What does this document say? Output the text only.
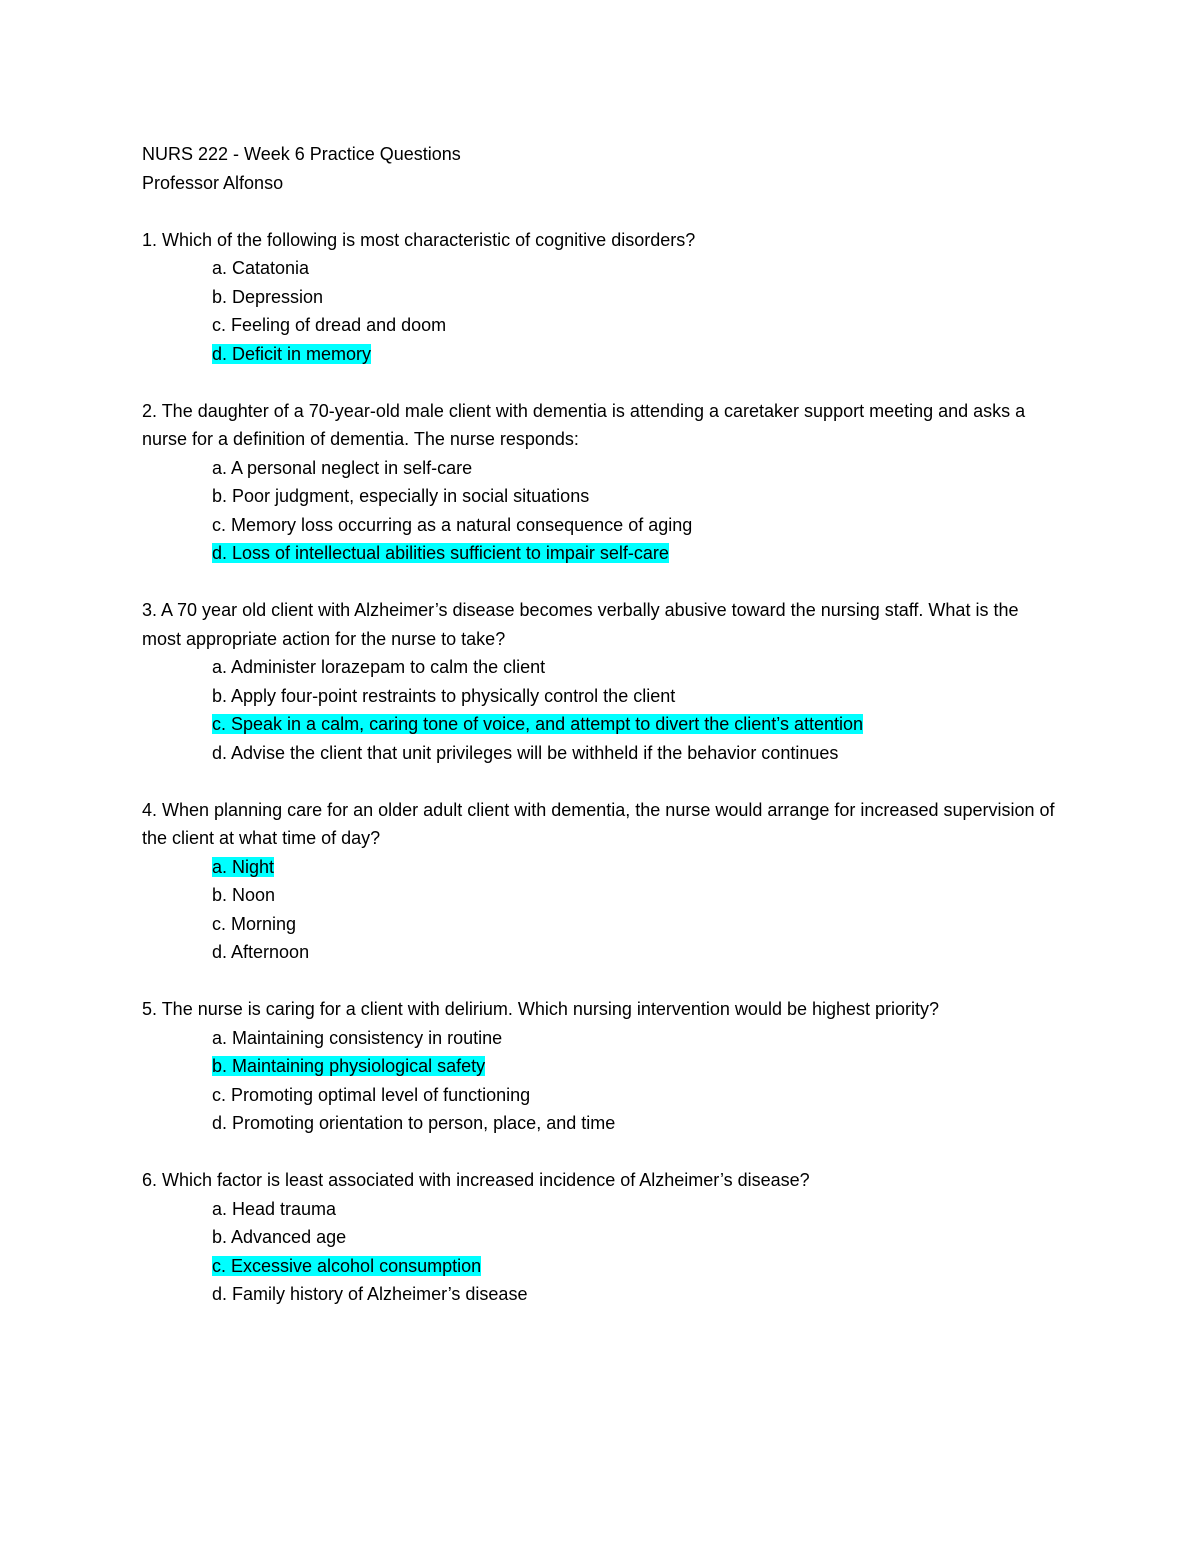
NURS 222 - Week 6 Practice Questions

Professor Alfonso

1. Which of the following is most characteristic of cognitive disorders?

a. Catatonia
b. Depression
c. Feeling of dread and doom
d. Deficit in memory

2. The daughter of a 70-year-old male client with dementia is attending a caretaker support meeting and asks a nurse for a definition of dementia. The nurse responds:

a. A personal neglect in self-care
b. Poor judgment, especially in social situations
c. Memory loss occurring as a natural consequence of aging
d. Loss of intellectual abilities sufficient to impair self-care

3. A 70 year old client with Alzheimer’s disease becomes verbally abusive toward the nursing staff. What is the most appropriate action for the nurse to take?

a. Administer lorazepam to calm the client
b. Apply four-point restraints to physically control the client
c. Speak in a calm, caring tone of voice, and attempt to divert the client’s attention
d. Advise the client that unit privileges will be withheld if the behavior continues

4. When planning care for an older adult client with dementia, the nurse would arrange for increased supervision of the client at what time of day?

a. Night
b. Noon
c. Morning
d. Afternoon

5. The nurse is caring for a client with delirium. Which nursing intervention would be highest priority?

a. Maintaining consistency in routine
b. Maintaining physiological safety
c. Promoting optimal level of functioning
d. Promoting orientation to person, place, and time

6. Which factor is least associated with increased incidence of Alzheimer’s disease?

a. Head trauma
b. Advanced age
c. Excessive alcohol consumption
d. Family history of Alzheimer’s disease
